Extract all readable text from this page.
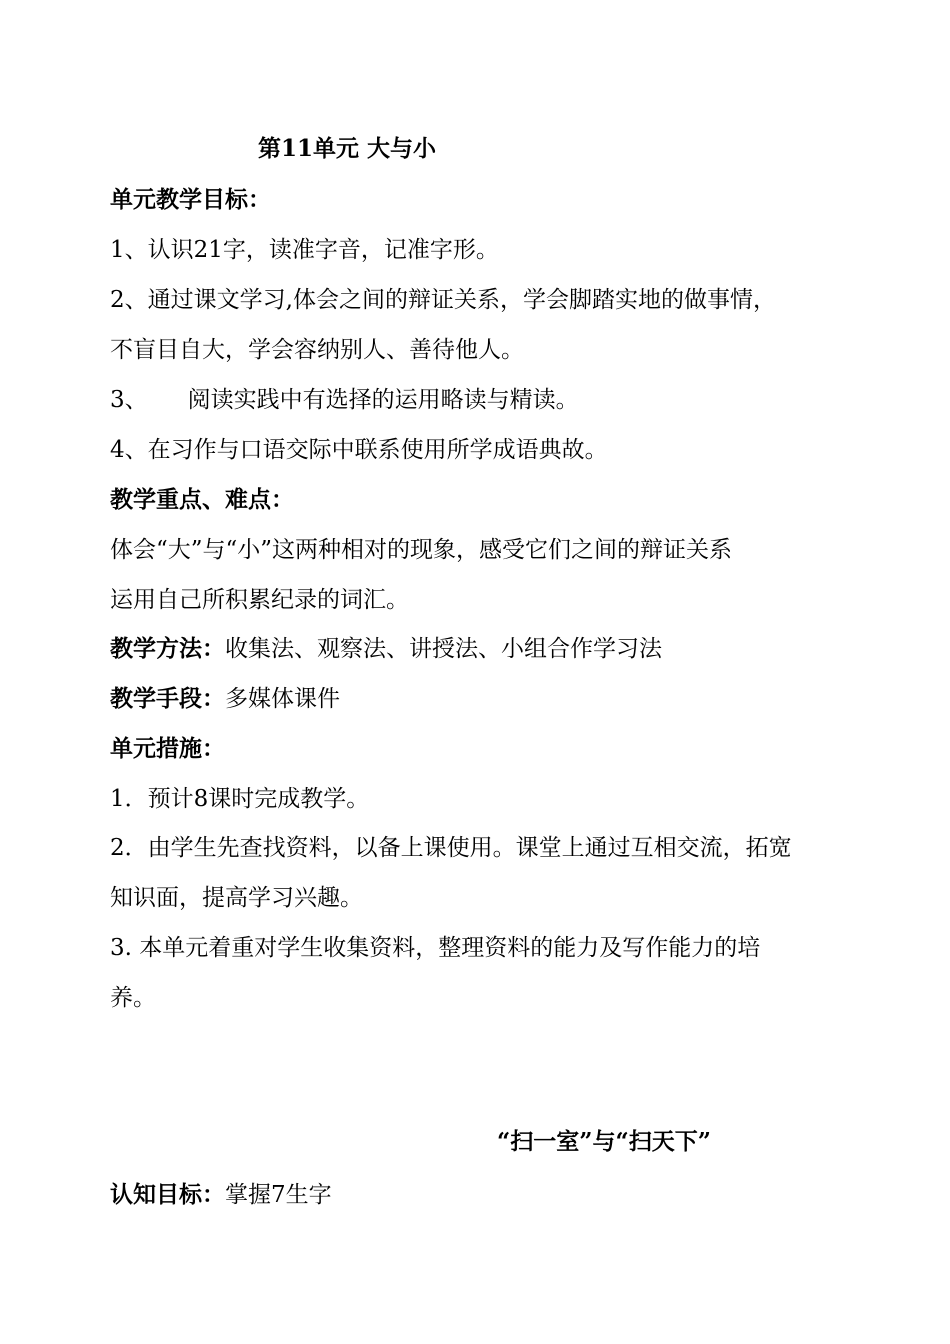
第11单元 大与小
单元教学目标：
1、认识21字，读准字音，记准字形。
2、通过课文学习,体会之间的辩证关系，学会脚踏实地的做事情，
不盲目自大，学会容纳别人、善待他人。
3、 阅读实践中有选择的运用略读与精读。
4、在习作与口语交际中联系使用所学成语典故。
教学重点、难点：
体会“大”与“小”这两种相对的现象，感受它们之间的辩证关系
运用自己所积累纪录的词汇。
教学方法：收集法、观察法、讲授法、小组合作学习法
教学手段：多媒体课件
单元措施：
1．预计8课时完成教学。
2．由学生先查找资料，以备上课使用。课堂上通过互相交流，拓宽
知识面，提高学习兴趣。
3. 本单元着重对学生收集资料，整理资料的能力及写作能力的培
养。
“扫一室”与“扫天下”
认知目标：掌握7生字
